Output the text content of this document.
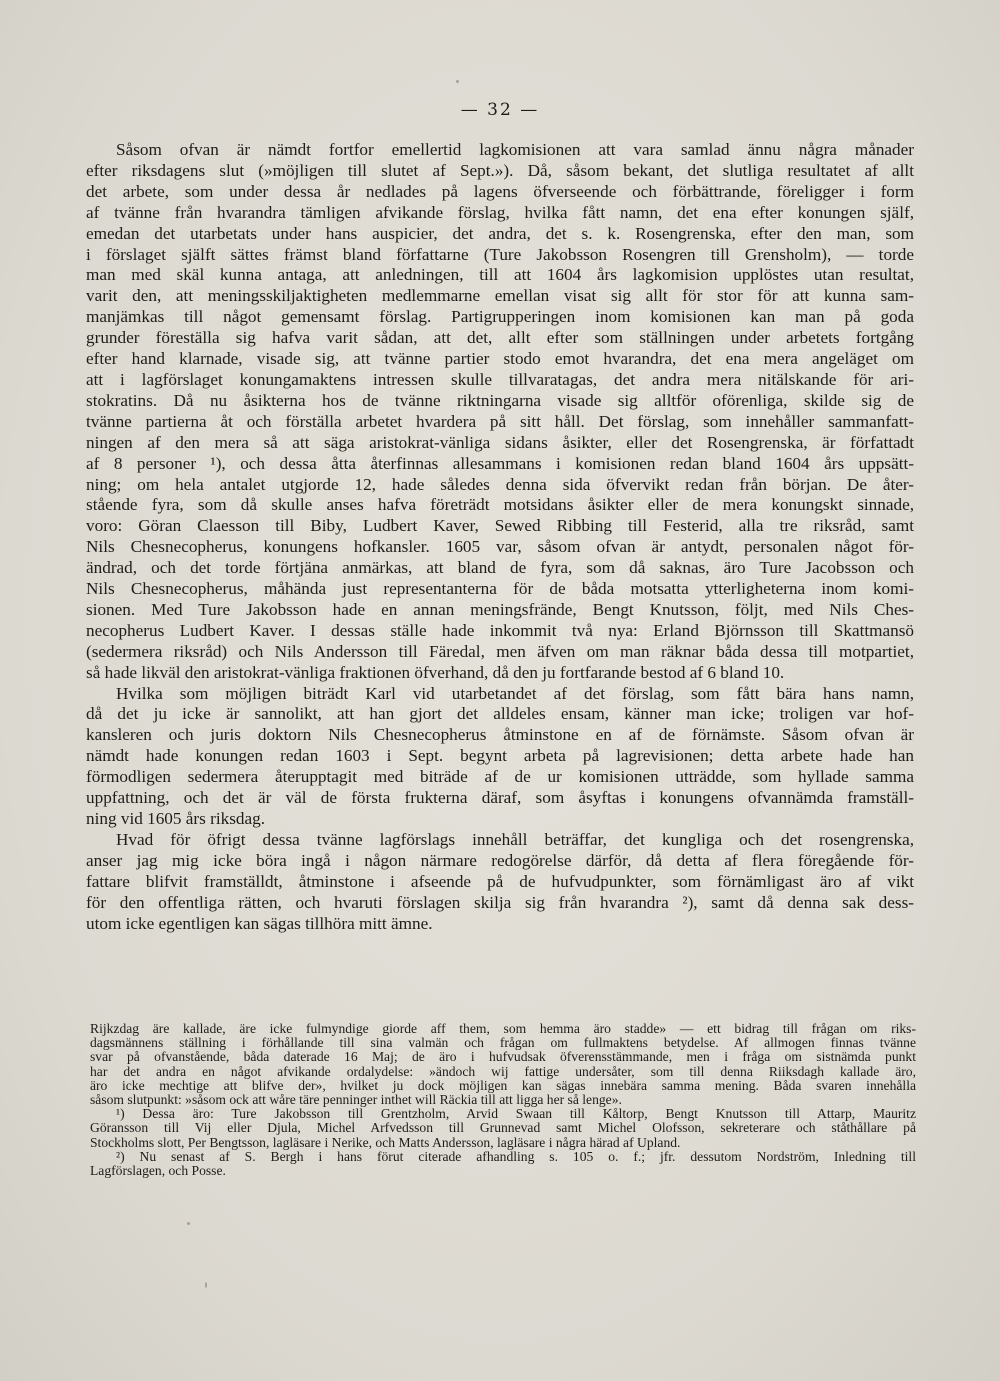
— 32 —
Såsom ofvan är nämdt fortfor emellertid lagkomisionen att vara samlad ännu några månader
efter riksdagens slut (»möjligen till slutet af Sept.»). Då, såsom bekant, det slutliga resultatet af allt
det arbete, som under dessa år nedlades på lagens öfverseende och förbättrande, föreligger i form
af tvänne från hvarandra tämligen afvikande förslag, hvilka fått namn, det ena efter konungen själf,
emedan det utarbetats under hans auspicier, det andra, det s. k. Rosengrenska, efter den man, som
i förslaget själft sättes främst bland författarne (Ture Jakobsson Rosengren till Grensholm), — torde
man med skäl kunna antaga, att anledningen, till att 1604 års lagkomision upplöstes utan resultat,
varit den, att meningsskiljaktigheten medlemmarne emellan visat sig allt för stor för att kunna sam-
manjämkas till något gemensamt förslag. Partigrupperingen inom komisionen kan man på goda
grunder föreställa sig hafva varit sådan, att det, allt efter som ställningen under arbetets fortgång
efter hand klarnade, visade sig, att tvänne partier stodo emot hvarandra, det ena mera angeläget om
att i lagförslaget konungamaktens intressen skulle tillvaratagas, det andra mera nitälskande för ari-
stokratins. Då nu åsikterna hos de tvänne riktningarna visade sig alltför oförenliga, skilde sig de
tvänne partierna åt och förställa arbetet hvardera på sitt håll. Det förslag, som innehåller sammanfatt-
ningen af den mera så att säga aristokrat-vänliga sidans åsikter, eller det Rosengrenska, är författadt
af 8 personer ¹), och dessa åtta återfinnas allesammans i komisionen redan bland 1604 års uppsätt-
ning; om hela antalet utgjorde 12, hade således denna sida öfvervikt redan från början. De åter-
stående fyra, som då skulle anses hafva företrädt motsidans åsikter eller de mera konungskt sinnade,
voro: Göran Claesson till Biby, Ludbert Kaver, Sewed Ribbing till Festerid, alla tre riksråd, samt
Nils Chesnecopherus, konungens hofkansler. 1605 var, såsom ofvan är antydt, personalen något för-
ändrad, och det torde förtjäna anmärkas, att bland de fyra, som då saknas, äro Ture Jacobsson och
Nils Chesnecopherus, måhända just representanterna för de båda motsatta ytterligheterna inom komi-
sionen. Med Ture Jakobsson hade en annan meningsfrände, Bengt Knutsson, följt, med Nils Ches-
necopherus Ludbert Kaver. I dessas ställe hade inkommit två nya: Erland Björnsson till Skattmansö
(sedermera riksråd) och Nils Andersson till Färedal, men äfven om man räknar båda dessa till motpartiet,
så hade likväl den aristokrat-vänliga fraktionen öfverhand, då den ju fortfarande bestod af 6 bland 10.
Hvilka som möjligen biträdt Karl vid utarbetandet af det förslag, som fått bära hans namn,
då det ju icke är sannolikt, att han gjort det alldeles ensam, känner man icke; troligen var hof-
kansleren och juris doktorn Nils Chesnecopherus åtminstone en af de förnämste. Såsom ofvan är
nämdt hade konungen redan 1603 i Sept. begynt arbeta på lagrevisionen; detta arbete hade han
förmodligen sedermera återupptagit med biträde af de ur komisionen utträdde, som hyllade samma
uppfattning, och det är väl de första frukterna däraf, som åsyftas i konungens ofvannämda framställ-
ning vid 1605 års riksdag.
Hvad för öfrigt dessa tvänne lagförslags innehåll beträffar, det kungliga och det rosengrenska,
anser jag mig icke böra ingå i någon närmare redogörelse därför, då detta af flera föregående för-
fattare blifvit framställdt, åtminstone i afseende på de hufvudpunkter, som förnämligast äro af vikt
för den offentliga rätten, och hvaruti förslagen skilja sig från hvarandra ²), samt då denna sak dess-
utom icke egentligen kan sägas tillhöra mitt ämne.
Rijkzdag äre kallade, äre icke fulmyndige giorde aff them, som hemma äro stadde» — ett bidrag till frågan om riks-
dagsmännens ställning i förhållande till sina valmän och frågan om fullmaktens betydelse. Af allmogen finnas tvänne
svar på ofvanstående, båda daterade 16 Maj; de äro i hufvudsak öfverensstämmande, men i fråga om sistnämda punkt
har det andra en något afvikande ordalydelse: »ändoch wij fattige undersåter, som till denna Riiksdagh kallade äro,
äro icke mechtige att blifve der», hvilket ju dock möjligen kan sägas innebära samma mening. Båda svaren innehålla
såsom slutpunkt: »såsom ock att wåre täre penninger inthet will Räckia till att ligga her så lenge».
¹) Dessa äro: Ture Jakobsson till Grentzholm, Arvid Swaan till Kåltorp, Bengt Knutsson till Attarp, Mauritz
Göransson till Vij eller Djula, Michel Arfvedsson till Grunnevad samt Michel Olofsson, sekreterare och ståthållare på
Stockholms slott, Per Bengtsson, lagläsare i Nerike, och Matts Andersson, lagläsare i några härad af Upland.
²) Nu senast af S. Bergh i hans förut citerade afhandling s. 105 o. f.; jfr. dessutom Nordström, Inledning till
Lagförslagen, och Posse.
